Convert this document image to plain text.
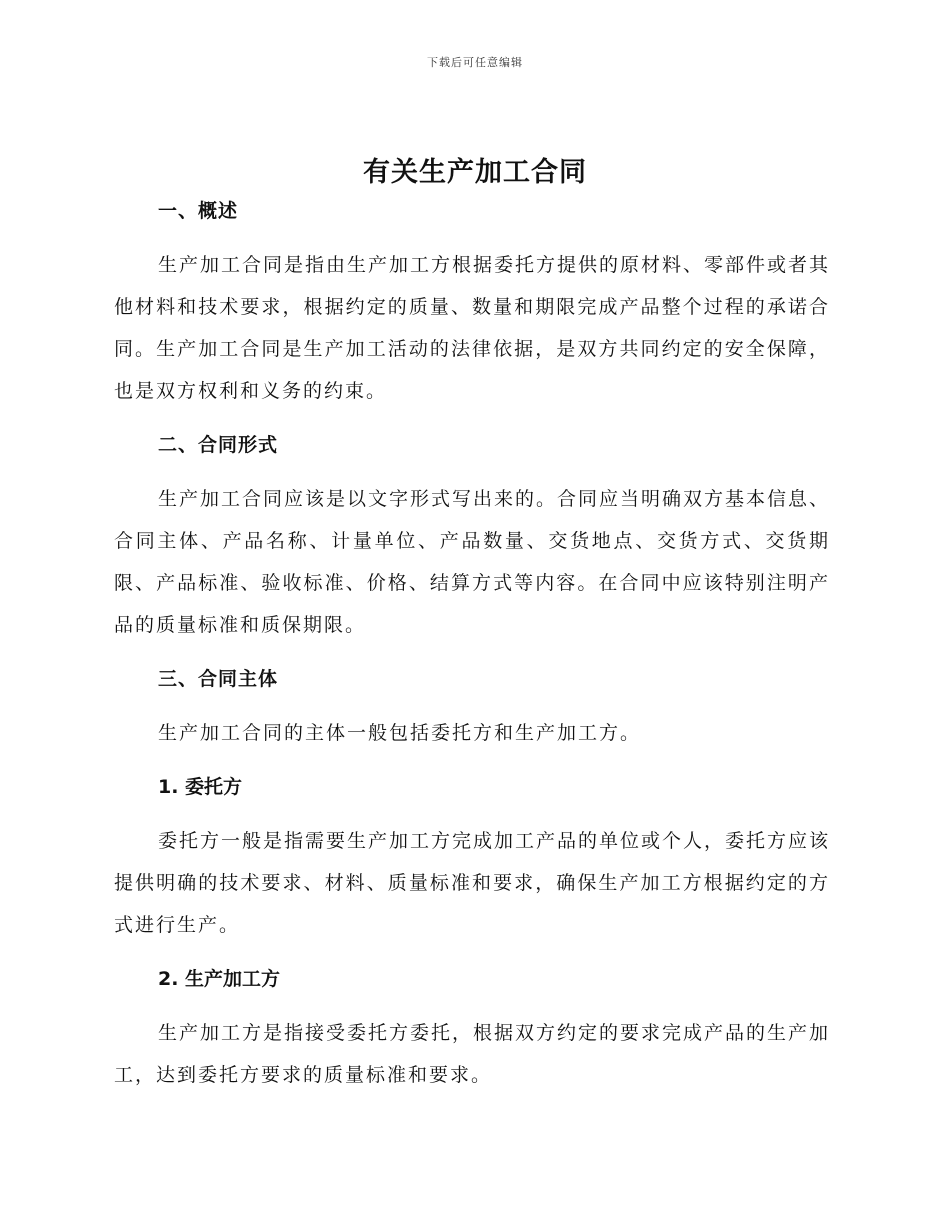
下载后可任意编辑
有关生产加工合同
一、概述

生产加工合同是指由生产加工方根据委托方提供的原材料、零部件或者其他材料和技术要求，根据约定的质量、数量和期限完成产品整个过程的承诺合同。生产加工合同是生产加工活动的法律依据，是双方共同约定的安全保障，也是双方权利和义务的约束。

二、合同形式

生产加工合同应该是以文字形式写出来的。合同应当明确双方基本信息、合同主体、产品名称、计量单位、产品数量、交货地点、交货方式、交货期限、产品标准、验收标准、价格、结算方式等内容。在合同中应该特别注明产品的质量标准和质保期限。

三、合同主体

生产加工合同的主体一般包括委托方和生产加工方。

1. 委托方

委托方一般是指需要生产加工方完成加工产品的单位或个人，委托方应该提供明确的技术要求、材料、质量标准和要求，确保生产加工方根据约定的方式进行生产。

2. 生产加工方

生产加工方是指接受委托方委托，根据双方约定的要求完成产品的生产加工，达到委托方要求的质量标准和要求。
